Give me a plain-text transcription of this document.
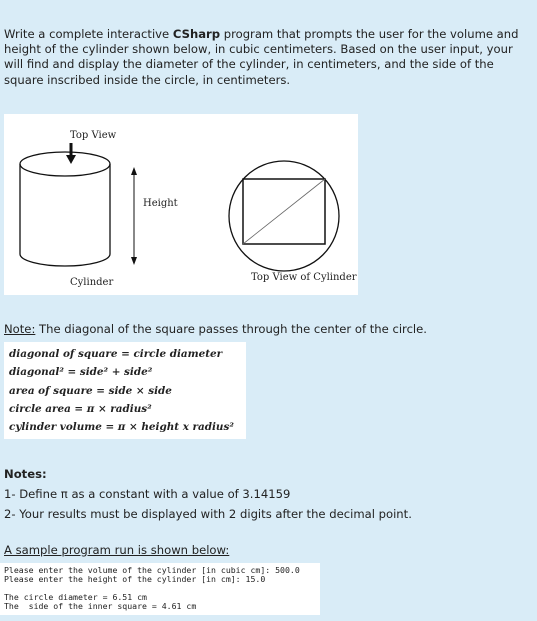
Write a complete interactive CSharp program that prompts the user for the volume and height of the cylinder shown below, in cubic centimeters. Based on the user input, your will find and display the diameter of the cylinder, in centimeters, and the side of the square inscribed inside the circle, in centimeters.
Top View
Height
Cylinder	Top View of Cylinder
Note: The diagonal of the square passes through the center of the circle.
diagonal of square = circle diameter
diagonal² = side² + side²
area of square = side × side
circle area = π × radius²
cylinder volume = π × height x radius²
Notes:
1- Define π as a constant with a value of 3.14159
2- Your results must be displayed with 2 digits after the decimal point.
A sample program run is shown below:
Please enter the volume of the cylinder [in cubic cm]: 500.0
Please enter the height of the cylinder [in cm]: 15.0
The circle diameter = 6.51 cm
The  side of the inner square = 4.61 cm
